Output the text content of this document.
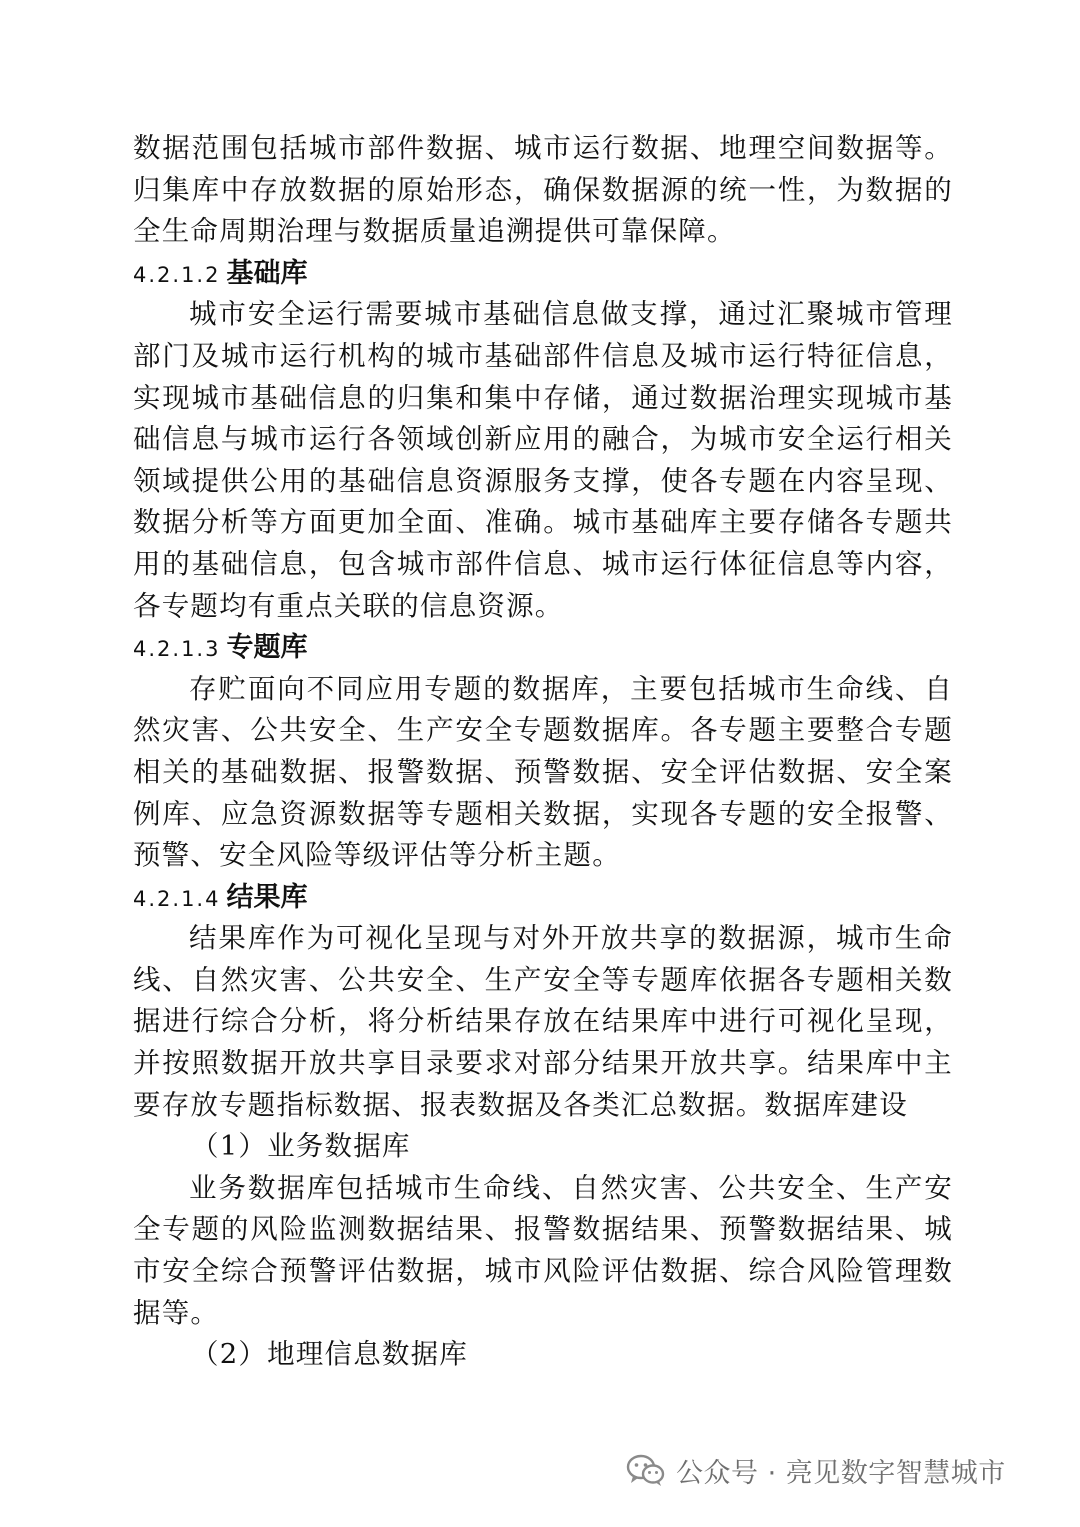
数据范围包括城市部件数据、城市运行数据、地理空间数据等。
归集库中存放数据的原始形态，确保数据源的统一性，为数据的
全生命周期治理与数据质量追溯提供可靠保障。
4.2.1.2 基础库
城市安全运行需要城市基础信息做支撑，通过汇聚城市管理
部门及城市运行机构的城市基础部件信息及城市运行特征信息，
实现城市基础信息的归集和集中存储，通过数据治理实现城市基
础信息与城市运行各领域创新应用的融合，为城市安全运行相关
领域提供公用的基础信息资源服务支撑，使各专题在内容呈现、
数据分析等方面更加全面、准确。城市基础库主要存储各专题共
用的基础信息，包含城市部件信息、城市运行体征信息等内容，
各专题均有重点关联的信息资源。
4.2.1.3 专题库
存贮面向不同应用专题的数据库，主要包括城市生命线、自
然灾害、公共安全、生产安全专题数据库。各专题主要整合专题
相关的基础数据、报警数据、预警数据、安全评估数据、安全案
例库、应急资源数据等专题相关数据，实现各专题的安全报警、
预警、安全风险等级评估等分析主题。
4.2.1.4 结果库
结果库作为可视化呈现与对外开放共享的数据源，城市生命
线、自然灾害、公共安全、生产安全等专题库依据各专题相关数
据进行综合分析，将分析结果存放在结果库中进行可视化呈现，
并按照数据开放共享目录要求对部分结果开放共享。结果库中主
要存放专题指标数据、报表数据及各类汇总数据。数据库建设
（1）业务数据库
业务数据库包括城市生命线、自然灾害、公共安全、生产安
全专题的风险监测数据结果、报警数据结果、预警数据结果、城
市安全综合预警评估数据，城市风险评估数据、综合风险管理数
据等。
（2）地理信息数据库
公众号 · 亮见数字智慧城市
